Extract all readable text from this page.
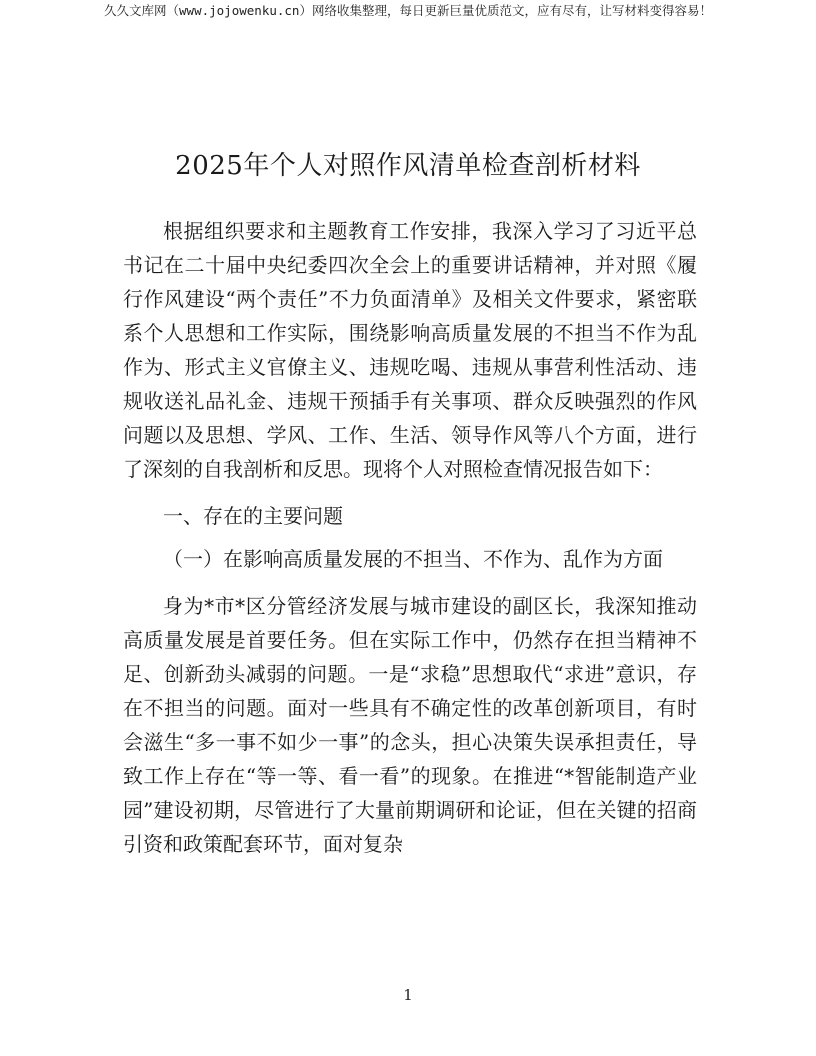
久久文库网（www.jojowenku.cn）网络收集整理，每日更新巨量优质范文，应有尽有，让写材料变得容易！
2025年个人对照作风清单检查剖析材料

根据组织要求和主题教育工作安排，我深入学习了习近平总书记在二十届中央纪委四次全会上的重要讲话精神，并对照《履行作风建设“两个责任”不力负面清单》及相关文件要求，紧密联系个人思想和工作实际，围绕影响高质量发展的不担当不作为乱作为、形式主义官僚主义、违规吃喝、违规从事营利性活动、违规收送礼品礼金、违规干预插手有关事项、群众反映强烈的作风问题以及思想、学风、工作、生活、领导作风等八个方面，进行了深刻的自我剖析和反思。现将个人对照检查情况报告如下：

一、存在的主要问题

（一）在影响高质量发展的不担当、不作为、乱作为方面

身为*市*区分管经济发展与城市建设的副区长，我深知推动高质量发展是首要任务。但在实际工作中，仍然存在担当精神不足、创新劲头减弱的问题。一是“求稳”思想取代“求进”意识，存在不担当的问题。面对一些具有不确定性的改革创新项目，有时会滋生“多一事不如少一事”的念头，担心决策失误承担责任，导致工作上存在“等一等、看一看”的现象。在推进“*智能制造产业园”建设初期，尽管进行了大量前期调研和论证，但在关键的招商引资和政策配套环节，面对复杂

1
